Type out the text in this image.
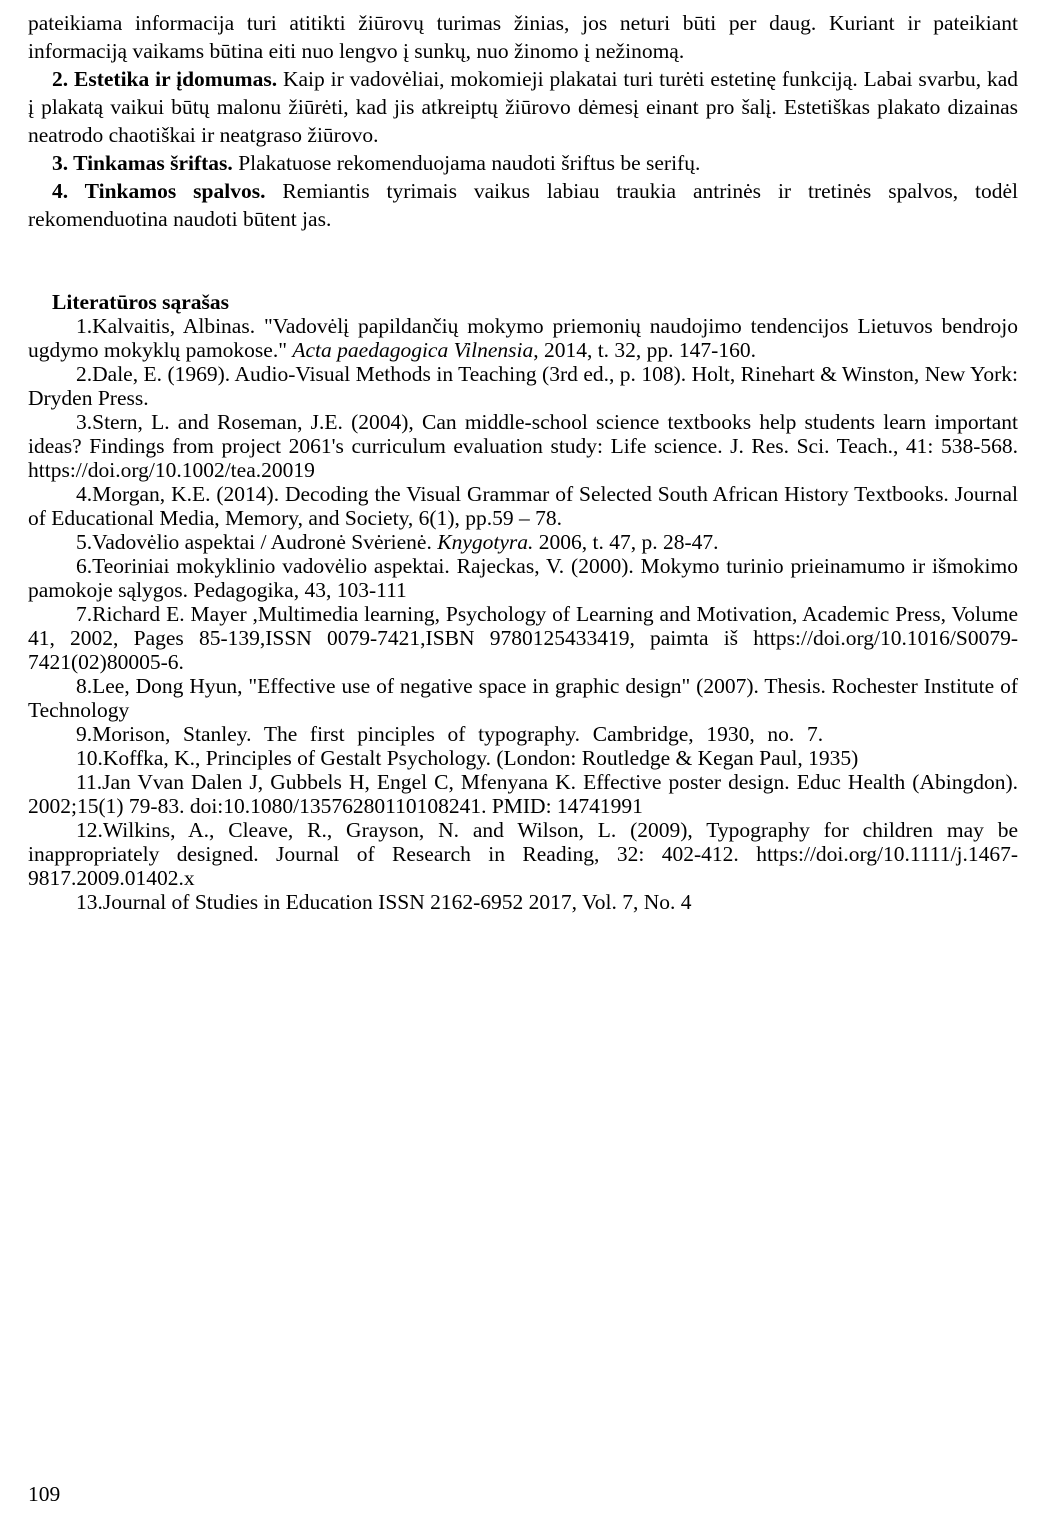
pateikiama informacija turi atitikti žiūrovų turimas žinias, jos neturi būti per daug. Kuriant ir pateikiant informaciją vaikams būtina eiti nuo lengvo į sunkų, nuo žinomo į nežinomą.

2. Estetika ir įdomumas. Kaip ir vadovėliai, mokomieji plakatai turi turėti estetinę funkciją. Labai svarbu, kad į plakatą vaikui būtų malonu žiūrėti, kad jis atkreiptų žiūrovo dėmesį einant pro šalį. Estetiškas plakato dizainas neatrodo chaotiškai ir neatgraso žiūrovo.

3. Tinkamas šriftas. Plakatuose rekomenduojama naudoti šriftus be serifų.

4. Tinkamos spalvos. Remiantis tyrimais vaikus labiau traukia antrinės ir tretinės spalvos, todėl rekomenduotina naudoti būtent jas.

Literatūros sąrašas

1.Kalvaitis, Albinas. "Vadovėlį papildančių mokymo priemonių naudojimo tendencijos Lietuvos bendrojo ugdymo mokyklų pamokose." Acta paedagogica Vilnensia, 2014, t. 32, pp. 147-160.

2.Dale, E. (1969). Audio-Visual Methods in Teaching (3rd ed., p. 108). Holt, Rinehart & Winston, New York: Dryden Press.

3.Stern, L. and Roseman, J.E. (2004), Can middle-school science textbooks help students learn important ideas? Findings from project 2061's curriculum evaluation study: Life science. J. Res. Sci. Teach., 41: 538-568. https://doi.org/10.1002/tea.20019

4.Morgan, K.E. (2014). Decoding the Visual Grammar of Selected South African History Textbooks. Journal of Educational Media, Memory, and Society, 6(1), pp.59 – 78.

5.Vadovėlio aspektai / Audronė Svėrienė. Knygotyra. 2006, t. 47, p. 28-47.

6.Teoriniai mokyklinio vadovėlio aspektai. Rajeckas, V. (2000). Mokymo turinio prieinamumo ir išmokimo pamokoje sąlygos. Pedagogika, 43, 103-111

7.Richard E. Mayer ,Multimedia learning, Psychology of Learning and Motivation, Academic Press, Volume 41, 2002, Pages 85-139,ISSN 0079-7421,ISBN 9780125433419, paimta iš https://doi.org/10.1016/S0079-7421(02)80005-6.

8.Lee, Dong Hyun, "Effective use of negative space in graphic design" (2007). Thesis. Rochester Institute of Technology

9.Morison, Stanley. The first pinciples of typography. Cambridge, 1930, no. 7.

10.Koffka, K., Principles of Gestalt Psychology. (London: Routledge & Kegan Paul, 1935)

11.Jan Vvan Dalen J, Gubbels H, Engel C, Mfenyana K. Effective poster design. Educ Health (Abingdon). 2002;15(1) 79-83. doi:10.1080/13576280110108241. PMID: 14741991

12.Wilkins, A., Cleave, R., Grayson, N. and Wilson, L. (2009), Typography for children may be inappropriately designed. Journal of Research in Reading, 32: 402-412. https://doi.org/10.1111/j.1467-9817.2009.01402.x

13.Journal of Studies in Education ISSN 2162-6952 2017, Vol. 7, No. 4

109
